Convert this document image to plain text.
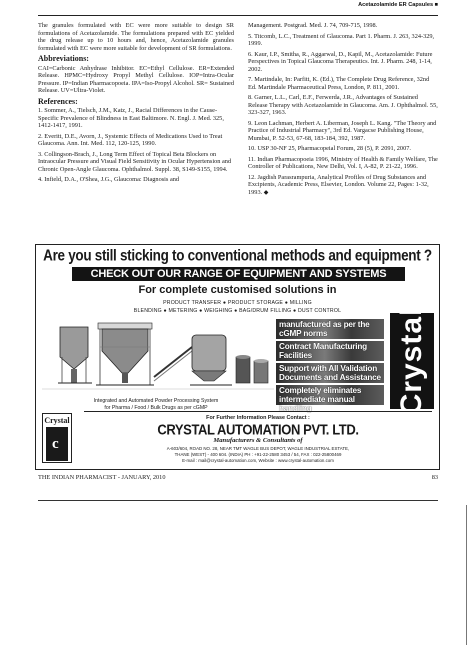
Acetazolamide ER Capsules ■

The granules formulated with EC were more suitable to design SR formulations of Acetazolamide. The formulations prepared with EC yielded the drug release up to 10 hours and, hence, Acetazolamide granules formulated with EC were more suitable for development of SR formulations.

Abbreviations:

CAI=Carbonic Anhydrase Inhibitor. EC=Ethyl Cellulose. ER=Extended Release. HPMC=Hydroxy Propyl Methyl Cellulose. IOP=Intra-Ocular Pressure. IP=Indian Pharmacopoeia. IPA=Iso-Propyl Alcohol. SR= Sustained Release. UV=Ultra-Violet.

References:

1. Sommer, A., Tielsch, J.M., Katz, J., Racial Differences in the Cause-Specific Prevalence of Blindness in East Baltimore. N. Engl. J. Med. 325, 1412-1417, 1991.

2. Everitt, D.E., Avorn, J., Systemic Effects of Medications Used to Treat Glaucoma. Ann. Int. Med. 112, 120-125, 1990.

3. Collingson-Brach, J., Long Term Effect of Topical Beta Blockers on Intraocular Pressure and Visual Field Sensitivity in Ocular Hypertension and Chronic Open-Angle Glaucoma. Ophthalmol. Suppl. 38, S149-S155, 1994.

4. Infield, D.A., O'Shea, J.G., Glaucoma: Diagnosis and

Management. Postgrad. Med. J. 74, 709-715, 1998.

5. Titcomb, L.C., Treatment of Glaucoma. Part 1. Pharm. J. 263, 324-329, 1999.

6. Kaur, I.P., Smitha, R., Aggarwal, D., Kapil, M., Acetazolamide: Future Perspectives in Topical Glaucoma Therapeutics. Int. J. Pharm. 248, 1-14, 2002.

7. Martindale, In: Parfitt, K. (Ed.), The Complete Drug Reference, 32nd Ed. Martindale Pharmaceutical Press, London, P. 811, 2001.

8. Garner, L.L., Carl, E.F., Ferwerda, J.R., Advantages of Sustained Release Therapy with Acetazolamide in Glaucoma. Am. J. Ophthalmol. 55, 323-327, 1963.

9. Leon Lachman, Herbert A. Liberman, Joseph L. Kang. "The Theory and Practice of Industrial Pharmacy", 3rd Ed. Vargacse Publishing House, Mumbai, P. 52-53, 67-68, 183-184, 392, 1987.

10. USP 30-NF 25, Pharmacopeial Forum, 28 (5), P. 2091, 2007.

11. Indian Pharmacopoeia 1996, Ministry of Health & Family Welfare, The Controller of Publications, New Delhi, Vol. I, A-82, P. 21-22, 1996.

12. Jagdish Parasrampuria, Analytical Profiles of Drug Substances and Excipients, Academic Press, Elsevier, London. Volume 22, Pages: 1-32, 1993. ◆

Are you still sticking to conventional methods and equipment ?
CHECK OUT OUR RANGE OF EQUIPMENT AND SYSTEMS
For complete customised solutions in
PRODUCT TRANSFER ● PRODUCT STORAGE ● MILLING
BLENDING ● METERING ● WEIGHING ● BAG/DRUM FILLING ● DUST CONTROL
Integrated and Automated Powder Processing System
for Pharma / Food / Bulk Drugs as per cGMP
manufactured as per the cGMP norms
Contract Manufacturing Facilities
Support with All Validation Documents and Assistance
Completely eliminates intermediate manual handling	Crystal
Crystal
c
For Further Information Please Contact :
CRYSTAL AUTOMATION PVT. LTD.
Manufacturers & Consultants of
A-603/604, ROAD NO. 28, NEAR TMT WAGLE BUS DEPOT, WAGLE INDUSTRIAL ESTATE,
THANE (WEST) - 400 604. (INDIA) PH : +91-22-2580 3453 / 54, FAX : 022-25800469
E-mail : mail@crystal-automation.com, Website : www.crystal-automation.com
THE INDIAN PHARMACIST - JANUARY, 2010	83
